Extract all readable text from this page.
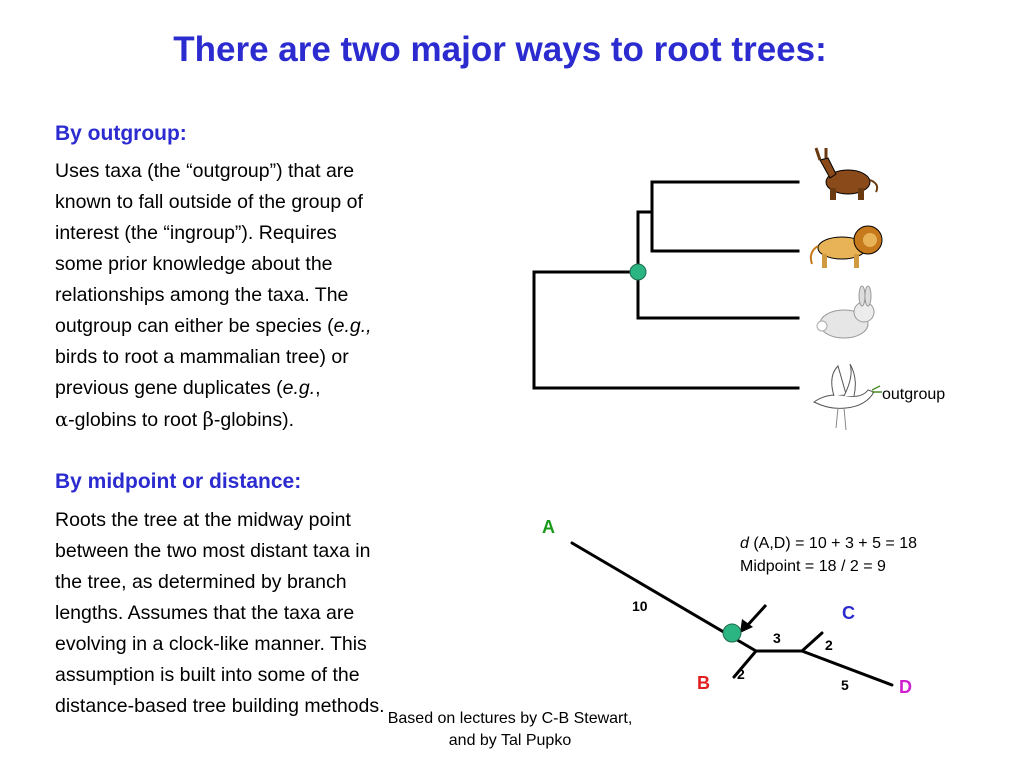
There are two major ways to root trees:
By outgroup:
Uses taxa (the “outgroup”) that are
known to fall outside of the group of
interest (the “ingroup”). Requires
some prior knowledge about the
relationships among the taxa. The
outgroup can either be species (e.g.,
birds to root a mammalian tree) or
previous gene duplicates (e.g.,
α-globins to root β-globins).
outgroup
By midpoint or distance:
Roots the tree at the midway point
between the two most distant taxa in
the tree, as determined by branch
lengths. Assumes that the taxa are
evolving in a clock-like manner. This
assumption is built into some of the
distance-based tree building methods.
A
B
C
D
10
3
2
2
5
d (A,D) = 10 + 3 + 5 = 18
Midpoint = 18 / 2 = 9
Based on lectures by C-B Stewart,
and by Tal Pupko
